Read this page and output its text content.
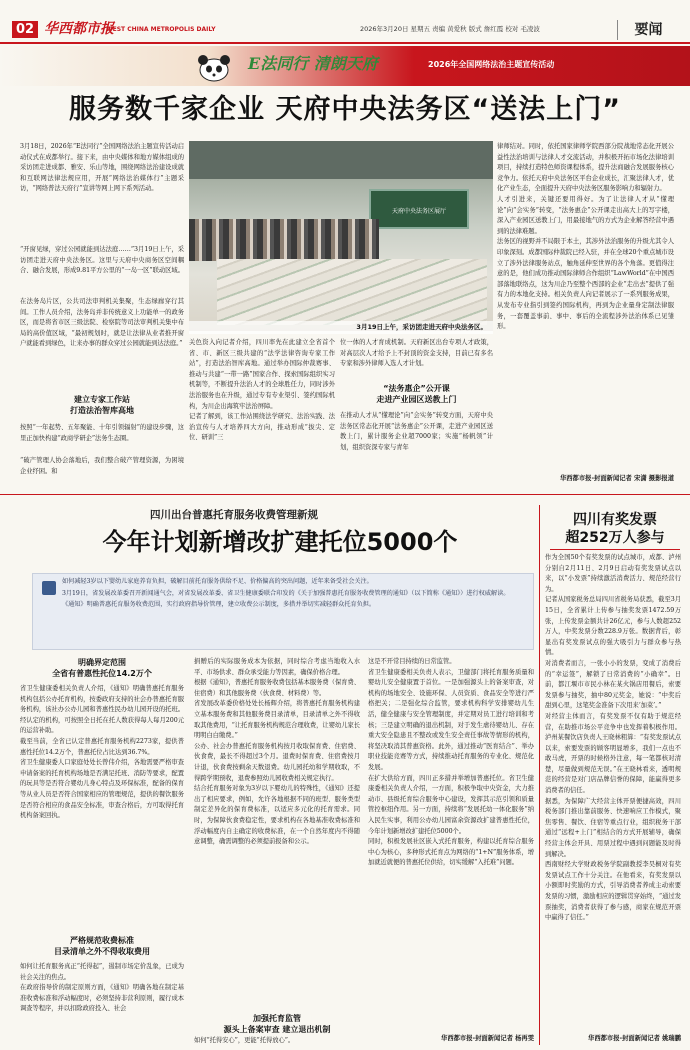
02 华西都市报
WEST CHINA METROPOLIS DAILY	2026年3月20日 星期五 责编 黄爱秋 版式 詹红霞 校对 毛凌波	要闻
E法同行 清朗天府	2026年全国网络法治主题宣传活动
服务数千家企业 天府中央法务区“送法上门”
3月18日，2026年“E法同行”全国网络法治主题宣传活动启动仪式在成都举行。接下来，由中央媒体和地方媒体组成的采访团走进成都、雅安、乐山等地，围绕网络法治建设成就和互联网法律法规应用，开展“网络法治媒体行”主题采访，“网络普法天府行”宣讲等网上网下系列活动。
“开窗见绿，穿过公园就能到达法庭……”3月19日上午，采访团走进天府中央法务区。这里与天府中央商务区空间耦合、融合发展，形成9.81平方公里的“一岛一区”联动区域。
在法务岛片区，公共司法审判机关集聚，生态绿廊穿行其间。工作人员介绍，法务岛并非传统意义上功能单一的政务区，而是将省市区三级法院、检察院等司法审判机关集中布局的高价值区域，“最初规划时，就是让法律从业者推开窗户就能看到绿色，让来办事的群众穿过公园就能到达法庭。”
建立专家工作站
打造法治智库高地
按照“一年起势、五年聚能、十年引领辐射”的建设步骤，这里正加快构建“政商学研企”法务生态圈。
“破产管理人协会落地后，我们整合破产管理资源，为困境企业纾困。和
天府中央法务区展厅
3月19日上午，采访团走进天府中央法务区。
关色资入向记者介绍，四川率先在此建立全省首个省、市、新区三级共建的“法学法律咨询专家工作站”，打造法治智库高地。通过举办国际仲裁赛事、推动与共建“一带一路”国家合作、探索国际组织实习机制等，不断提升法治人才的全球胜任力，同时涉外法治服务也在升级，通过专有专业渠引、签约国际机构，为川企出海筑牢法治屏障。
记者了解到，该工作站围绕法学研究、法治实践、法治宣传与人才培养四大方向，推动形成“拔尖、定位、研训”三
位一体的人才育成机制。天府新区出台专项人才政策，对高层次人才给予上不封顶的资金支持，目前已有多名专家和涉外律师入选人才计划。
“法务惠企”公开课
走进产业园区送教上门
在推动人才从“懂理论”向“会实务”转变方面，天府中央法务区常态化开展“法务惠企”公开课，走进产业园区送教上门，累计服务企业超7000家；实施“杨帆领”计划，组织资深专家与青年
律师结对。同时，依托国家律师学院西部分院战地常态化开展公益性法治培训与法律人才交流活动，并积极开拓市场化法律培训项目，持续打造特色师资课程体系，提升法商融合发展服务核心竞争力。依托天府中央法务区平台企业成长，汇聚法律人才，优化产业生态，全面提升天府中央法务区服务影响力和辐射力。
人才引进来，关键还要用得好。为了让法律人才从“懂理论”向“会实务”转变，“法务惠企”公开课走出高大上的写字楼，深入产业园区送教上门，用最接地气的方式为企业解答经营中遇到的法律难题。
法务区的视野并不局限于本土，其涉外法治服务的升级尤其令人印象深刻。成都国际仲裁院已经入驻，并在全球20个重点城市设立了涉外法律服务站点，触角延伸至世界的各个角落。更值得注意的是，他们成功推动国际律师合作组织“LawWorld”在中国西部落地联络点，这为川企乃至整个西部的企业“走出去”提供了强有力的本地化支持。相关负责人向记者展示了一系列服务成果，从发布专业指引到签约国际机构，再到为企业量身定制法律服务，一套覆盖事前、事中、事后的全流程涉外法治体系已见雏形。
华西都市报-封面新闻记者 宋潇 摄影报道
四川出台普惠托育服务收费管理新规
今年计划新增改扩建托位5000个
如何减轻3岁以下婴幼儿家庭养育负担，破解目前托育服务供给不足、价格偏高的突出问题，近年来备受社会关注。
3月19日，省发展改革委召开新闻通气会，对省发展改革委、省卫生健康委联合印发的《关于加强普惠托育服务收费管理的通知》（以下简称《通知》）进行权威解读。
《通知》明确普惠托育服务收费范围，实行政府指导价管理，建立收费公示制度，多措并举切实减轻群众托育负担。
明确界定范围
全省有普惠性托位14.2万个
省卫生健康委相关负责人介绍，《通知》明确普惠托育服务机构包括公办托育机构，按委政府支持的社会办普惠托育服务机构，该社办公办儿园和普惠性民办幼儿园开设的托班。经认定的机构，可按照全日托在托人数获得每人每月200元的运营补助。
截至当前，全省已认定普惠托育服务机构2273家，提供普惠性托位14.2万个，普惠托位占比达到36.7%。
省卫生健康委人口家庭处处长曾伟介绍，各地需要严格审查申请备案的托育机构场地是否满足托班、消防等要求，配置的玩具等是否符合婴幼儿身心特点及环保标准，配备的保育等从业人员是否符合国家相应的管理规范，提供的餐饮服务是否符合相应的食品安全标准，审查合格后，方可取得托育机构备案回执。
严格规范收费标准
目录清单之外不得收取费用
如何让托育服务真正“托得起”，遏制市场定价乱象，已成为社会关注的焦点。
在政府指导价的制定原则方面，《通知》明确各地在制定基准收费标准和浮动幅度时，必须坚持非营利原则，履行成本调查等程序，并以扣除政府投入、社会
捐赠后的实际服务成本为依据，同时综合考虑当地收入水平、市场供求、群众承受能力等因素，确保价格合理。
根据《通知》，普惠托育服务收费包括基本服务费（保育费、住宿费）和其他服务费（伙食费、材料费）等。
省发展改革委价格处处长杨辉介绍，将普惠托育服务机构建立基本服务费和其他服务费目录清单，目录清单之外不得收取其他费用，“让托育服务机构规范合理收费，让婴幼儿家长明明白白缴费。”
公办、社会办普惠托育服务机构按月收取保育费、住宿费、伙食费，最长不得超过3个月。退费时保育费、住宿费按月计退，伙食费按剩余天数退费。幼儿园托幼和学期收取，不得跨学期预收，退费参照幼儿园收费相关规定执行。
结合托育服务对象为3岁以下婴幼儿的特殊性，《通知》还提出了相应要求，例如，允许各地根据不同的班型、服务类型制定差异化的保育费标准，以适应多元化的托育需求。同时，为保障伙食费稳定性，要求机构在各地基准收费标准和浮动幅度内自主确定的收费标准，在一个自然年度内不得随意调整，确需调整的必须提前报备和公示。
加强托育监管
源头上备案审查 建立退出机制
如何“托得安心”，更能“托得放心”。
这是不开常目持续的日常监管。
省卫生健康委相关负责人表示，卫健部门将托育服务质量和婴幼儿安全健康置于首位。一是加强源头上的备案审查，对机构的场地安全、设施环保、人员资质、食品安全等进行严格把关；二是强化综合监管，要求机构科学安排婴幼儿生活，健全健康与安全管理制度，并定期对员工进行培训和考核；三是建立明确的退出机制，对于发生虐待婴幼儿、存在重大安全隐患且不整改或发生安全责任事故等情形的机构，将坚决取消其普惠资格。此外，通过推动“医育结合”、举办职业技能竞赛等方式，持续推动托育服务的专业化、规范化发展。
在扩大供给方面，四川正多措并举增加普惠托位。省卫生健康委相关负责人介绍，一方面，积极争取中央资金，大力推动市、县级托育综合服务中心建设，发挥其示范引领和质量管控枢纽作用。另一方面，持续将“发展托幼一体化服务”纳入民生实事，利用公办幼儿园富余资源改扩建普惠性托位，今年计划新增改扩建托位5000个。
同时，积极发展社区嵌入式托育服务，构建以托育综合服务中心为核心，多种形式托育点为网络的“1+N”服务体系，增加就近就便的普惠托位供给，切实缓解“入托难”问题。
华西都市报-封面新闻记者 杨再雯
四川有奖发票
超252万人参与
作为全国50个有奖发票的试点城市，成都、泸州分别自2月11日、2月9日启动有奖发票试点以来，以“小发票”持续激活消费活力、规范经营行为。
记者从国家税务总局四川省税务局获悉，截至3月15日，全省累计上传参与抽奖发票1472.59万张，上传发票金额共计26亿元，参与人数超252万人，中奖发票分数228.9万张。数据背后，彰显出有奖发票试点的强大吸引力与群众参与热情。
对消费者而言，一张小小的发票，变成了消费后的“幸运签”，解锁了日常消费的“小确幸”。日前，都江堰市市民小林在某火锅店用餐后，索要发票参与抽奖，抽中80元奖金，她说：“中奖后甜到心里，这笔奖金准备下次用来‘加菜’。”
对经营主体而言，有奖发票不仅有助于规范经营，在助推市场公平竞争中也发挥着积极作用。泸州某餐饮店负责人王晓林粗算：“有奖发票试点以来，索要发票的顾客明显增多，我们一点也不敢马虎，开票的时候格外注意，每一笔都核对清楚，尽量做到规范无误。”在王晓林看来，透明规范的经营是对门店品牌信誉的保障，能赢得更多消费者的信任。
据悉，为保障广大经营主体开票便捷高效，四川税务部门推出靠前服务、快速响应工作模式，聚焦零售、餐饮、住宿等重点行业，组织税务干部通过“远程+上门”相结合的方式开展辅导，确保经营主体会开具、用票过程中遇到问题能及时得到解决。
西南财经大学财政税务学院副教授李昊桐对有奖发票试点工作十分关注。在他看来，有奖发票以小额即时奖励的方式，引导消费者养成主动索要发票的习惯，激励相应的逻辑贯穿始终，“通过发票抽奖，消费者获得了参与感，商家在规范开票中赢得了信任。”
华西都市报-封面新闻记者 姚瑞鹏
